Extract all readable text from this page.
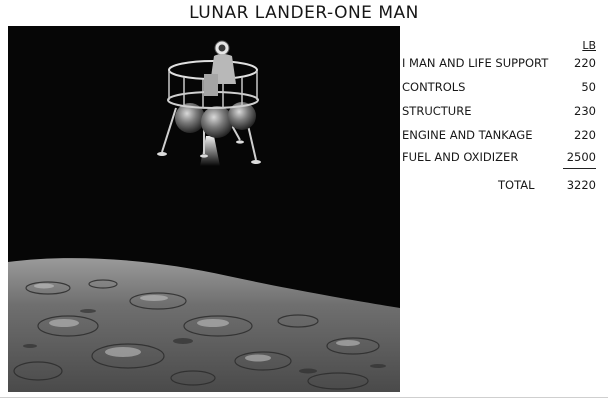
LUNAR LANDER-ONE MAN
LB
I MAN AND LIFE SUPPORT 220
CONTROLS	50
STRUCTURE	230
ENGINE AND TANKAGE	220
FUEL AND OXIDIZER	2500
TOTAL	3220
